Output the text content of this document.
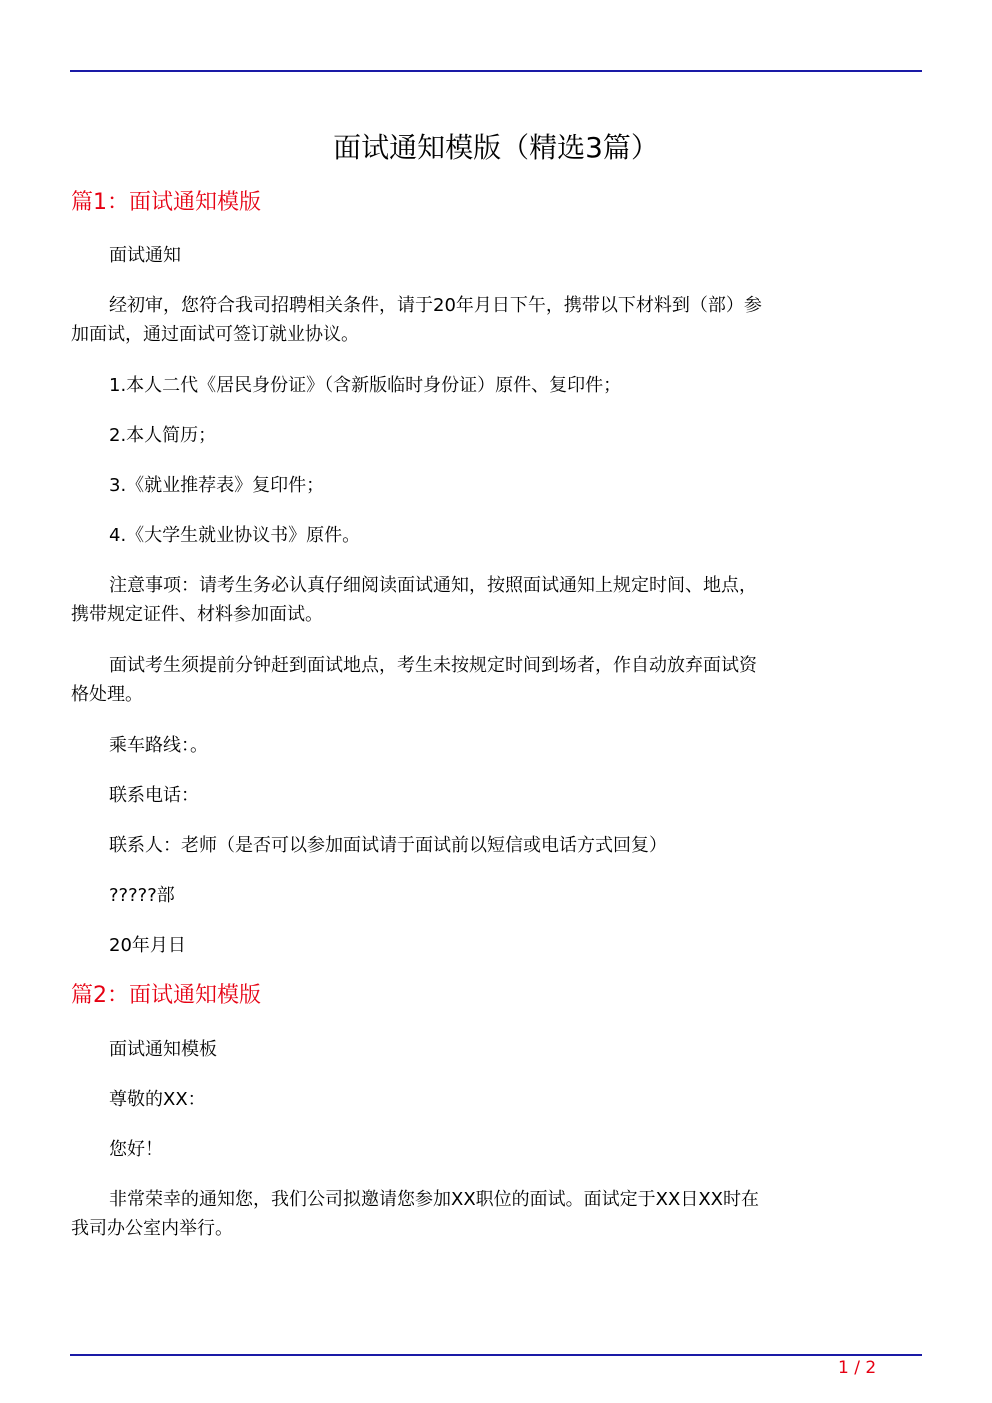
面试通知模版（精选3篇）
篇1：面试通知模版
面试通知
经初审，您符合我司招聘相关条件，请于20年月日下午，携带以下材料到（部）参加面试，通过面试可签订就业协议。
1.本人二代《居民身份证》（含新版临时身份证）原件、复印件；
2.本人简历；
3.《就业推荐表》复印件；
4.《大学生就业协议书》原件。
注意事项：请考生务必认真仔细阅读面试通知，按照面试通知上规定时间、地点，携带规定证件、材料参加面试。
面试考生须提前分钟赶到面试地点，考生未按规定时间到场者，作自动放弃面试资格处理。
乘车路线：。
联系电话：
联系人：老师（是否可以参加面试请于面试前以短信或电话方式回复）
?????部
20年月日
篇2：面试通知模版
面试通知模板
尊敬的XX：
您好！
非常荣幸的通知您，我们公司拟邀请您参加XX职位的面试。面试定于XX日XX时在我司办公室内举行。
1 / 2
